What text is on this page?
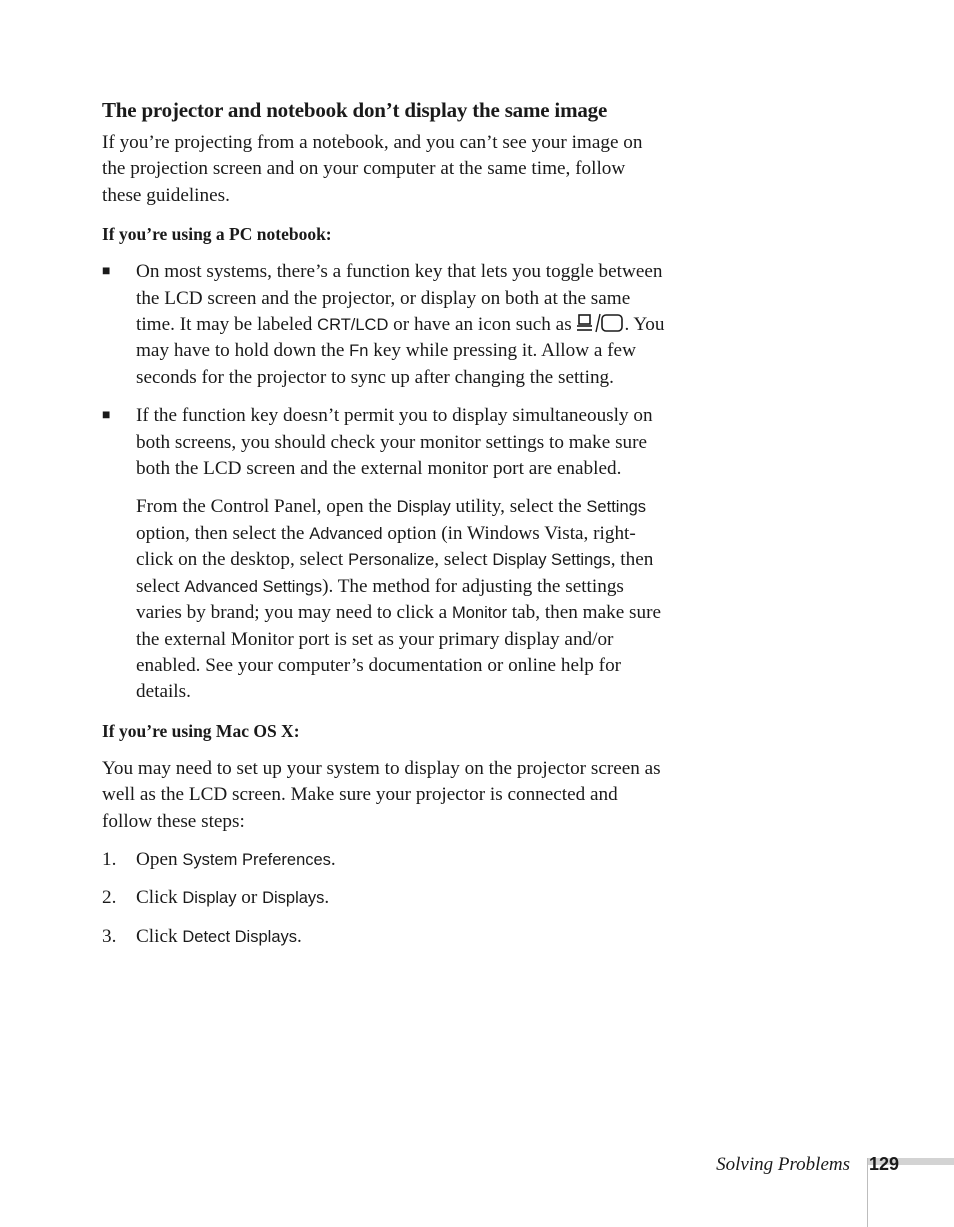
The projector and notebook don’t display the same image

If you’re projecting from a notebook, and you can’t see your image on the projection screen and on your computer at the same time, follow these guidelines.

If you’re using a PC notebook:

■	On most systems, there’s a function key that lets you toggle between the LCD screen and the projector, or display on both at the same time. It may be labeled CRT/LCD or have an icon such as	. You may have to hold down the Fn key while pressing it. Allow a few seconds for the projector to sync up after changing the setting.

■	If the function key doesn’t permit you to display simultaneously on both screens, you should check your monitor settings to make sure both the LCD screen and the external monitor port are enabled.

From the Control Panel, open the Display utility, select the Settings option, then select the Advanced option (in Windows Vista, right-click on the desktop, select Personalize, select Display Settings, then select Advanced Settings). The method for adjusting the settings varies by brand; you may need to click a Monitor tab, then make sure the external Monitor port is set as your primary display and/or enabled. See your computer’s documentation or online help for details.

If you’re using Mac OS X:

You may need to set up your system to display on the projector screen as well as the LCD screen. Make sure your projector is connected and follow these steps:

1.	Open System Preferences.

2.	Click Display or Displays.

3.	Click Detect Displays.

Solving Problems 129
